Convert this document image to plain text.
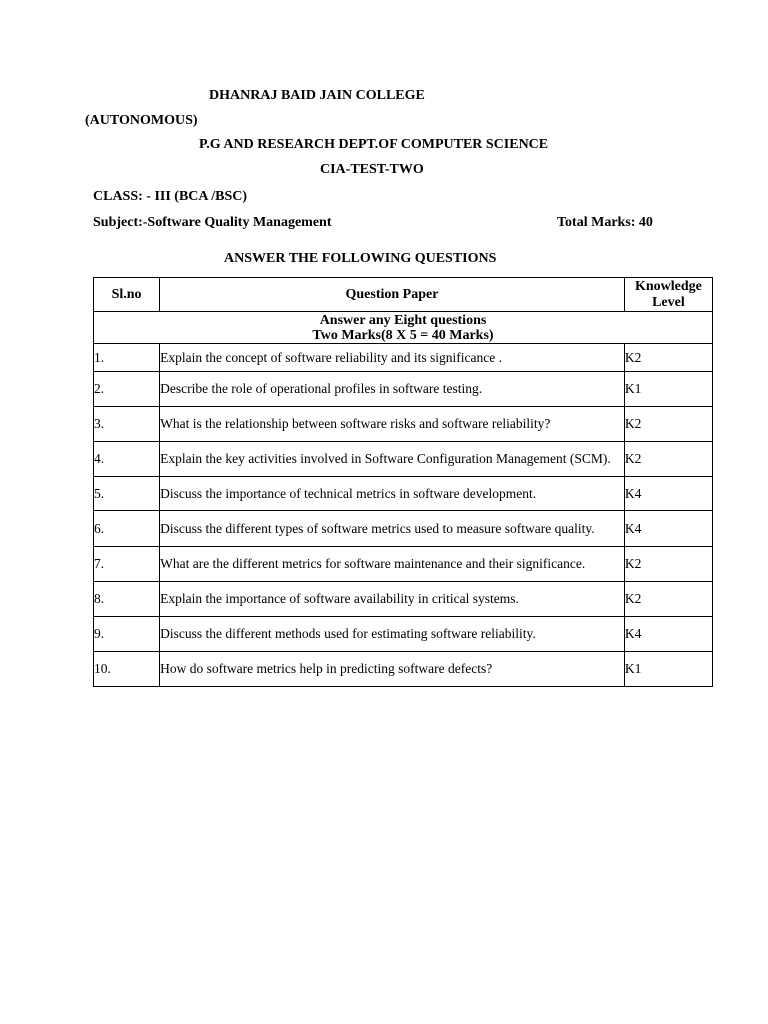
DHANRAJ BAID JAIN COLLEGE
(AUTONOMOUS)
P.G AND RESEARCH DEPT.OF COMPUTER SCIENCE
CIA-TEST-TWO
CLASS: - III (BCA /BSC)
Subject:-Software Quality Management	Total Marks: 40
ANSWER THE FOLLOWING QUESTIONS
Sl.no	Question Paper	Knowledge
Level

Answer any Eight questions
Two Marks(8 X 5 = 40 Marks)		

1.	Explain the concept of software reliability and its significance .	K2
2.	Describe the role of operational profiles in software testing.	K1
3.	What is the relationship between software risks and software reliability?	K2
4.	Explain the key activities involved in Software Configuration Management (SCM).	K2
5.	Discuss the importance of technical metrics in software development.	K4
6.	Discuss the different types of software metrics used to measure software quality.	K4
7.	What are the different metrics for software maintenance and their significance.	K2
8.	Explain the importance of software availability in critical systems.	K2
9.	Discuss the different methods used for estimating software reliability.	K4
10.	How do software metrics help in predicting software defects?	K1
